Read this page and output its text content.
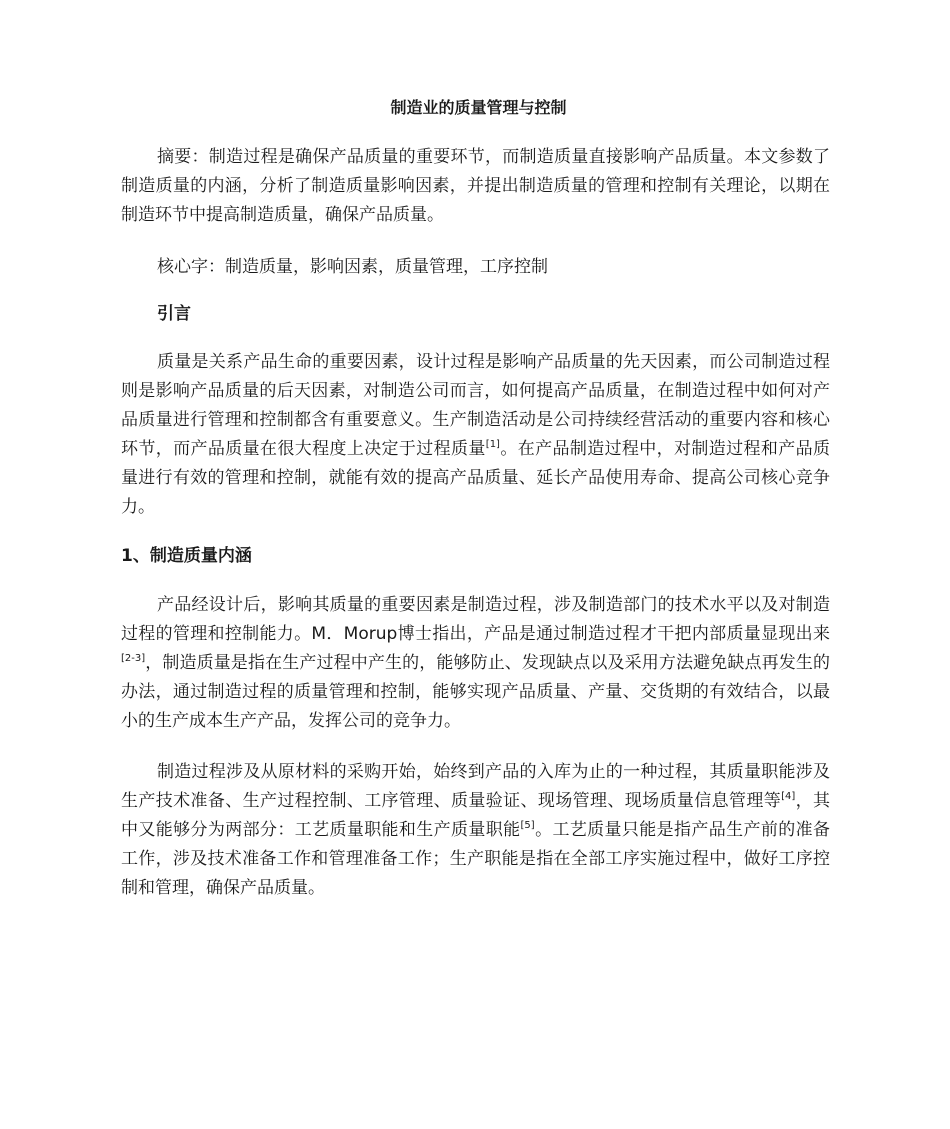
制造业的质量管理与控制

摘要：制造过程是确保产品质量的重要环节，而制造质量直接影响产品质量。本文参数了制造质量的内涵，分析了制造质量影响因素，并提出制造质量的管理和控制有关理论，以期在制造环节中提高制造质量，确保产品质量。

核心字：制造质量，影响因素，质量管理，工序控制

引言

质量是关系产品生命的重要因素，设计过程是影响产品质量的先天因素，而公司制造过程则是影响产品质量的后天因素，对制造公司而言，如何提高产品质量，在制造过程中如何对产品质量进行管理和控制都含有重要意义。生产制造活动是公司持续经营活动的重要内容和核心环节，而产品质量在很大程度上决定于过程质量[1]。在产品制造过程中，对制造过程和产品质量进行有效的管理和控制，就能有效的提高产品质量、延长产品使用寿命、提高公司核心竞争力。

1、制造质量内涵

产品经设计后，影响其质量的重要因素是制造过程，涉及制造部门的技术水平以及对制造过程的管理和控制能力。M．Morup博士指出，产品是通过制造过程才干把内部质量显现出来[2-3]，制造质量是指在生产过程中产生的，能够防止、发现缺点以及采用方法避免缺点再发生的办法，通过制造过程的质量管理和控制，能够实现产品质量、产量、交货期的有效结合，以最小的生产成本生产产品，发挥公司的竞争力。

制造过程涉及从原材料的采购开始，始终到产品的入库为止的一种过程，其质量职能涉及生产技术准备、生产过程控制、工序管理、质量验证、现场管理、现场质量信息管理等[4]，其中又能够分为两部分：工艺质量职能和生产质量职能[5]。工艺质量只能是指产品生产前的准备工作，涉及技术准备工作和管理准备工作；生产职能是指在全部工序实施过程中，做好工序控制和管理，确保产品质量。
